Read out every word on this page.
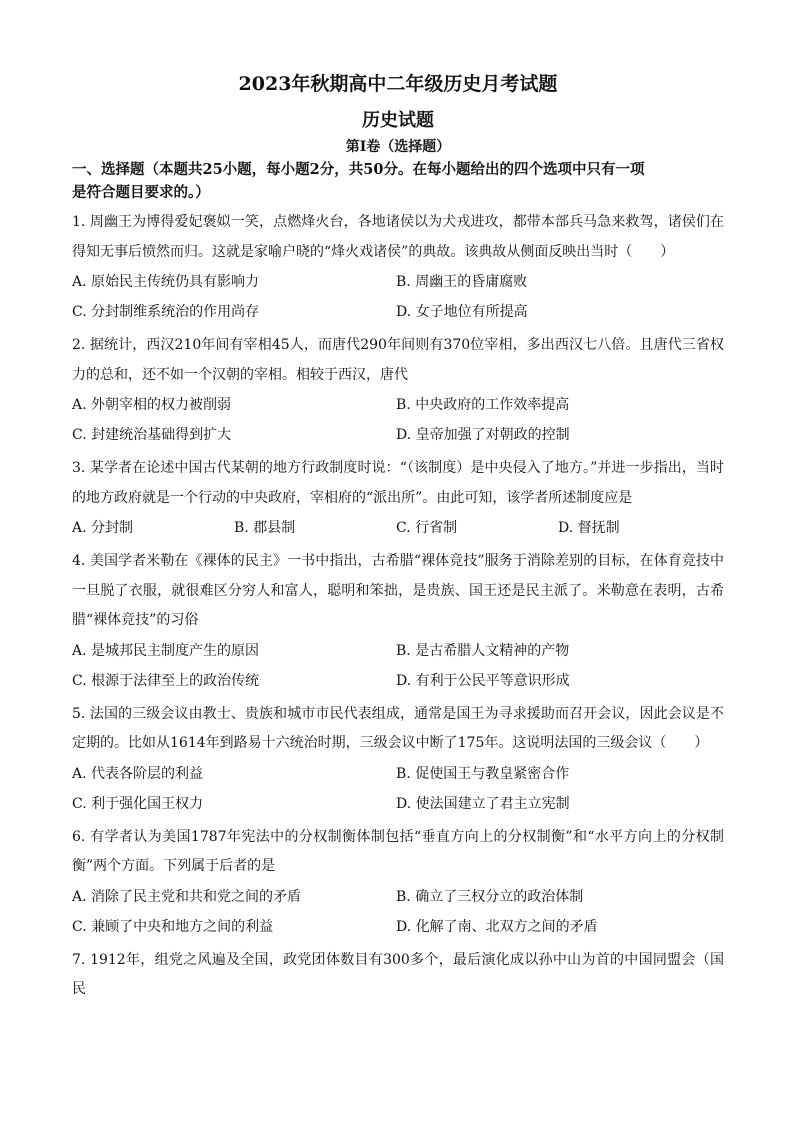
2023年秋期高中二年级历史月考试题
历史试题
第Ⅰ卷（选择题）

一、选择题（本题共25小题，每小题2分，共50分。在每小题给出的四个选项中只有一项

是符合题目要求的。）

1. 周幽王为博得爱妃褒姒一笑，点燃烽火台，各地诸侯以为犬戎进攻，都带本部兵马急来救驾，诸侯们在得知无事后愤然而归。这就是家喻户晓的“烽火戏诸侯”的典故。该典故从侧面反映出当时（　　）

A. 原始民主传统仍具有影响力	B. 周幽王的昏庸腐败
C. 分封制维系统治的作用尚存	D. 女子地位有所提高

2. 据统计，西汉210年间有宰相45人，而唐代290年间则有370位宰相，多出西汉七八倍。且唐代三省权力的总和，还不如一个汉朝的宰相。相较于西汉，唐代

A. 外朝宰相的权力被削弱	B. 中央政府的工作效率提高
C. 封建统治基础得到扩大	D. 皇帝加强了对朝政的控制

3. 某学者在论述中国古代某朝的地方行政制度时说：“（该制度）是中央侵入了地方。”并进一步指出，当时的地方政府就是一个行动的中央政府，宰相府的“派出所”。由此可知，该学者所述制度应是

A. 分封制	B. 郡县制	C. 行省制	D. 督抚制

4. 美国学者米勒在《裸体的民主》一书中指出，古希腊“裸体竞技”服务于消除差别的目标，在体育竞技中一旦脱了衣服，就很难区分穷人和富人，聪明和笨拙，是贵族、国王还是民主派了。米勒意在表明，古希腊“裸体竞技”的习俗

A. 是城邦民主制度产生的原因	B. 是古希腊人文精神的产物
C. 根源于法律至上的政治传统	D. 有利于公民平等意识形成

5. 法国的三级会议由教士、贵族和城市市民代表组成，通常是国王为寻求援助而召开会议，因此会议是不定期的。比如从1614年到路易十六统治时期，三级会议中断了175年。这说明法国的三级会议（　　）

A. 代表各阶层的利益	B. 促使国王与教皇紧密合作
C. 利于强化国王权力	D. 使法国建立了君主立宪制

6. 有学者认为美国1787年宪法中的分权制衡体制包括“垂直方向上的分权制衡”和“水平方向上的分权制衡”两个方面。下列属于后者的是

A. 消除了民主党和共和党之间的矛盾	B. 确立了三权分立的政治体制
C. 兼顾了中央和地方之间的利益	D. 化解了南、北双方之间的矛盾

7. 1912年，组党之风遍及全国，政党团体数目有300多个，最后演化成以孙中山为首的中国同盟会（国民
